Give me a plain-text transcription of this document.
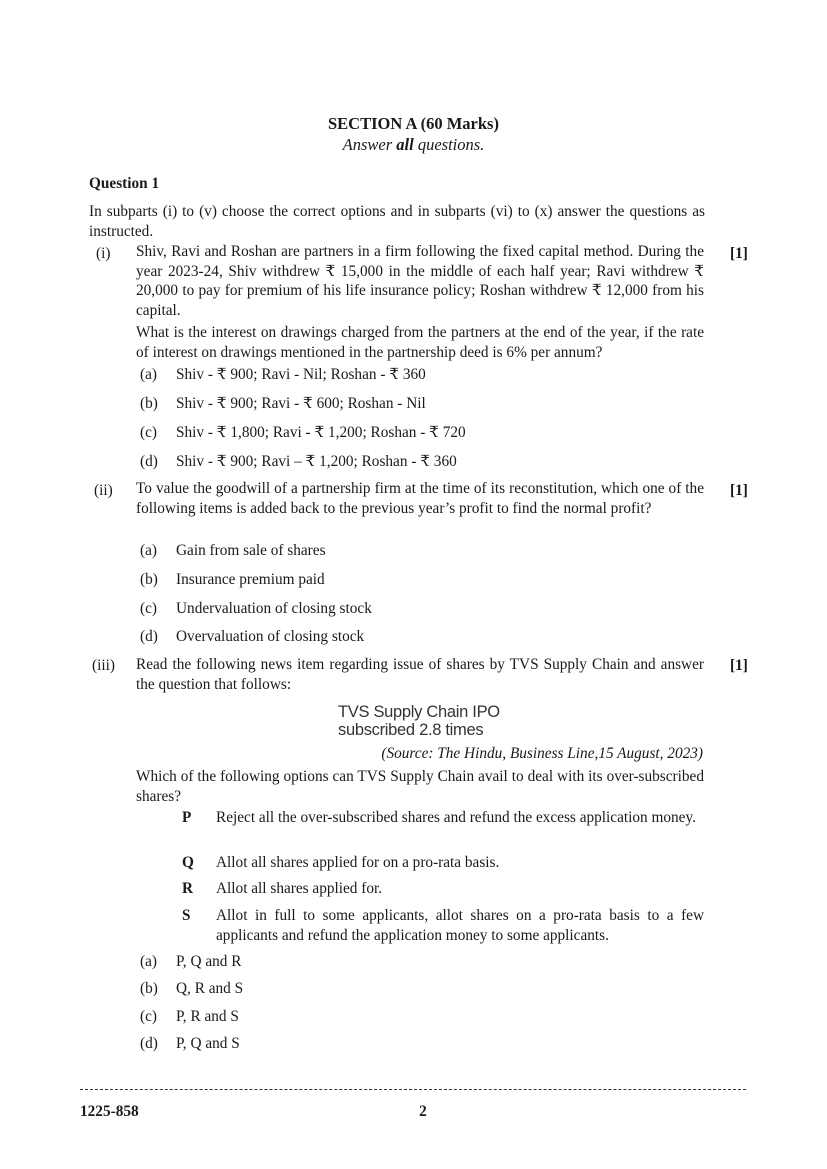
SECTION A (60 Marks)
Answer all questions.
Question 1
In subparts (i) to (v) choose the correct options and in subparts (vi) to (x) answer the questions as instructed.
(i)	[1]
Shiv, Ravi and Roshan are partners in a firm following the fixed capital method. During the year 2023-24, Shiv withdrew ₹ 15,000 in the middle of each half year; Ravi withdrew ₹ 20,000 to pay for premium of his life insurance policy; Roshan withdrew ₹ 12,000 from his capital.
What is the interest on drawings charged from the partners at the end of the year, if the rate of interest on drawings mentioned in the partnership deed is 6% per annum?
(a) Shiv - ₹ 900; Ravi - Nil; Roshan - ₹ 360
(b) Shiv - ₹ 900; Ravi - ₹ 600; Roshan - Nil
(c) Shiv - ₹ 1,800; Ravi - ₹ 1,200; Roshan - ₹ 720
(d) Shiv - ₹ 900; Ravi – ₹ 1,200; Roshan - ₹ 360
(ii)	[1]
To value the goodwill of a partnership firm at the time of its reconstitution, which one of the following items is added back to the previous year’s profit to find the normal profit?
(a) Gain from sale of shares
(b) Insurance premium paid
(c) Undervaluation of closing stock
(d) Overvaluation of closing stock
(iii)	[1]
Read the following news item regarding issue of shares by TVS Supply Chain and answer the question that follows:
TVS Supply Chain IPO
subscribed 2.8 times
(Source: The Hindu, Business Line,15 August, 2023)
Which of the following options can TVS Supply Chain avail to deal with its over-subscribed shares?
P Reject all the over-subscribed shares and refund the excess application money.
Q Allot all shares applied for on a pro-rata basis.
R Allot all shares applied for.
S Allot in full to some applicants, allot shares on a pro-rata basis to a few applicants and refund the application money to some applicants.
(a) P, Q and R
(b) Q, R and S
(c) P, R and S
(d) P, Q and S
1225-858	2
